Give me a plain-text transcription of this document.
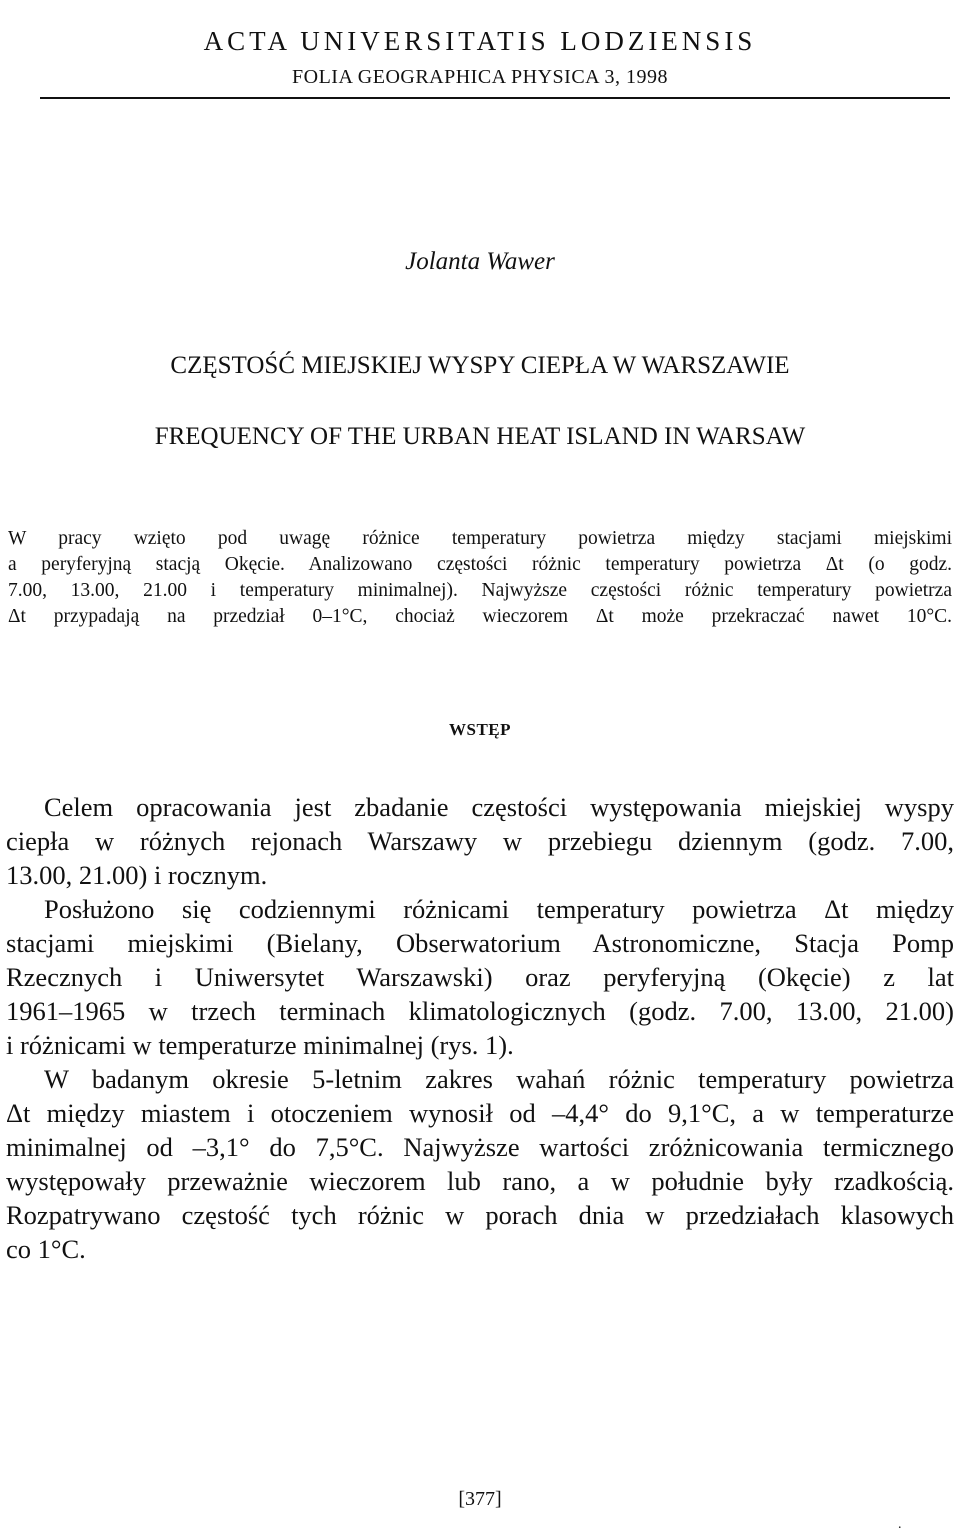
ACTA UNIVERSITATIS LODZIENSIS
FOLIA GEOGRAPHICA PHYSICA 3, 1998
Jolanta Wawer
CZĘSTOŚĆ MIEJSKIEJ WYSPY CIEPŁA W WARSZAWIE
FREQUENCY OF THE URBAN HEAT ISLAND IN WARSAW
W pracy wzięto pod uwagę różnice temperatury powietrza między stacjami miejskimi
a peryferyjną stacją Okęcie. Analizowano częstości różnic temperatury powietrza Δt (o godz.
7.00, 13.00, 21.00 i temperatury minimalnej). Najwyższe częstości różnic temperatury powietrza
Δt przypadają na przedział 0–1°C, chociaż wieczorem Δt może przekraczać nawet 10°C.
WSTĘP

Celem opracowania jest zbadanie częstości występowania miejskiej wyspy
ciepła w różnych rejonach Warszawy w przebiegu dziennym (godz. 7.00,
13.00, 21.00) i rocznym.

Posłużono się codziennymi różnicami temperatury powietrza Δt między
stacjami miejskimi (Bielany, Obserwatorium Astronomiczne, Stacja Pomp
Rzecznych i Uniwersytet Warszawski) oraz peryferyjną (Okęcie) z lat
1961–1965 w trzech terminach klimatologicznych (godz. 7.00, 13.00, 21.00)
i różnicami w temperaturze minimalnej (rys. 1).

W badanym okresie 5-letnim zakres wahań różnic temperatury powietrza
Δt między miastem i otoczeniem wynosił od –4,4° do 9,1°C, a w temperaturze
minimalnej od –3,1° do 7,5°C. Najwyższe wartości zróżnicowania termicznego
występowały przeważnie wieczorem lub rano, a w południe były rzadkością.
Rozpatrywano częstość tych różnic w porach dnia w przedziałach klasowych
co 1°C.

[377]
.
